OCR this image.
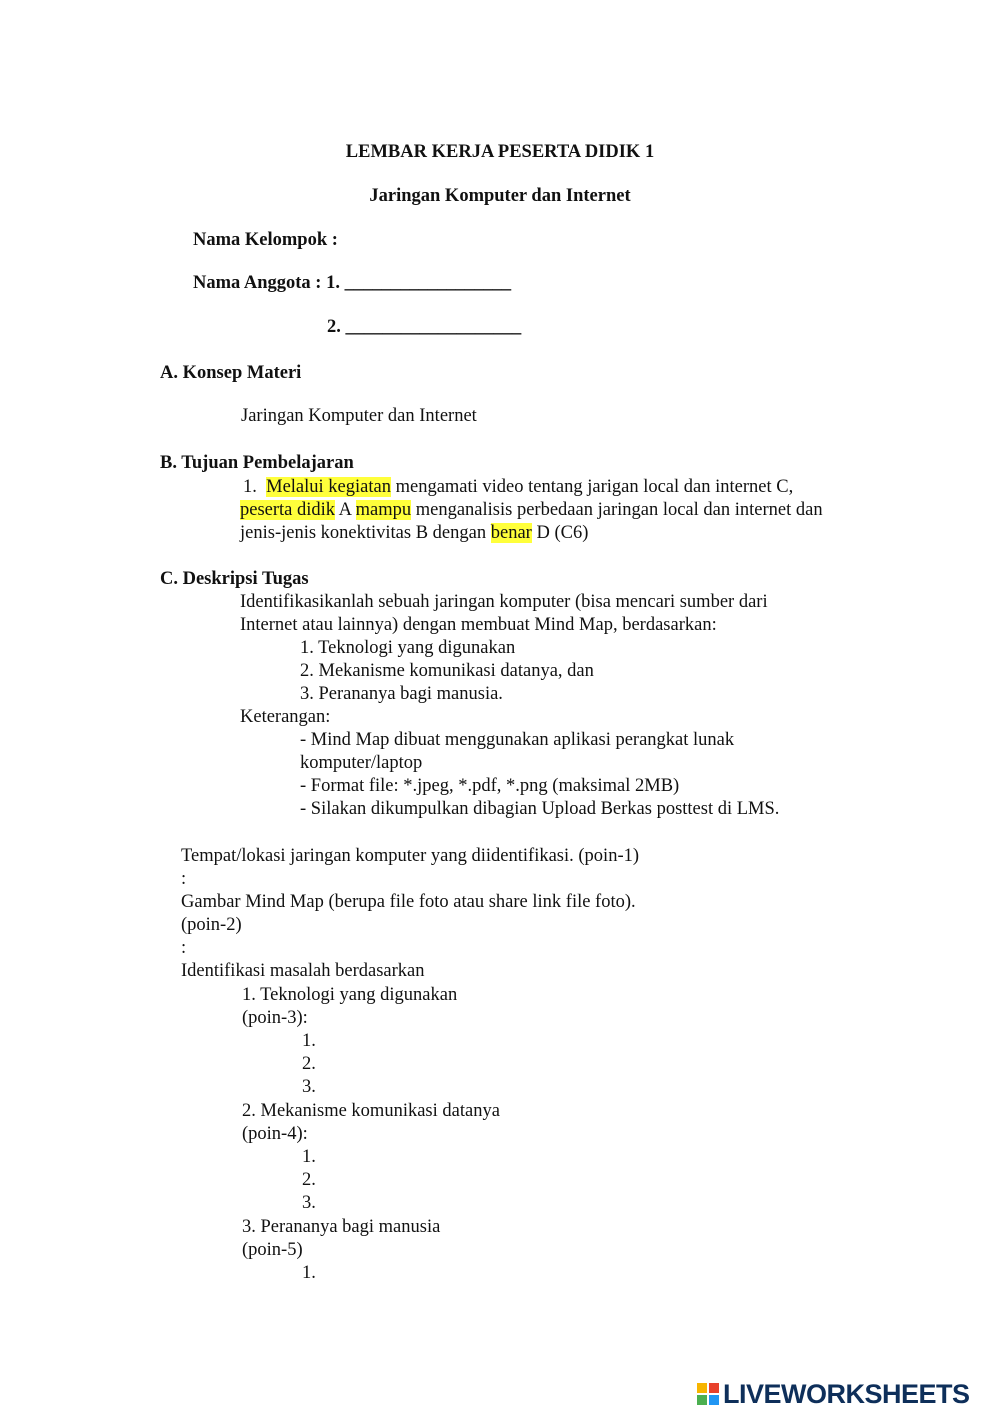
LEMBAR KERJA PESERTA DIDIK 1

Jaringan Komputer dan Internet

Nama Kelompok :

Nama Anggota : 1. __________________

2. ___________________

A. Konsep Materi

Jaringan Komputer dan Internet

B. Tujuan Pembelajaran

1.  Melalui kegiatan mengamati video tentang jarigan local dan internet C,

peserta didik A mampu menganalisis perbedaan jaringan local dan internet dan

jenis-jenis konektivitas B dengan benar D (C6)

C. Deskripsi Tugas

Identifikasikanlah sebuah jaringan komputer (bisa mencari sumber dari

Internet atau lainnya) dengan membuat Mind Map, berdasarkan:

1. Teknologi yang digunakan

2. Mekanisme komunikasi datanya, dan

3. Perananya bagi manusia.

Keterangan:

- Mind Map dibuat menggunakan aplikasi perangkat lunak

komputer/laptop

- Format file: *.jpeg, *.pdf, *.png (maksimal 2MB)

- Silakan dikumpulkan dibagian Upload Berkas posttest di LMS.

Tempat/lokasi jaringan komputer yang diidentifikasi. (poin-1)

:

Gambar Mind Map (berupa file foto atau share link file foto).

(poin-2)

:

Identifikasi masalah berdasarkan

1. Teknologi yang digunakan

(poin-3):

1.

2.

3.

2. Mekanisme komunikasi datanya

(poin-4):

1.

2.

3.

3. Perananya bagi manusia

(poin-5)

1.

LIVEWORKSHEETS
